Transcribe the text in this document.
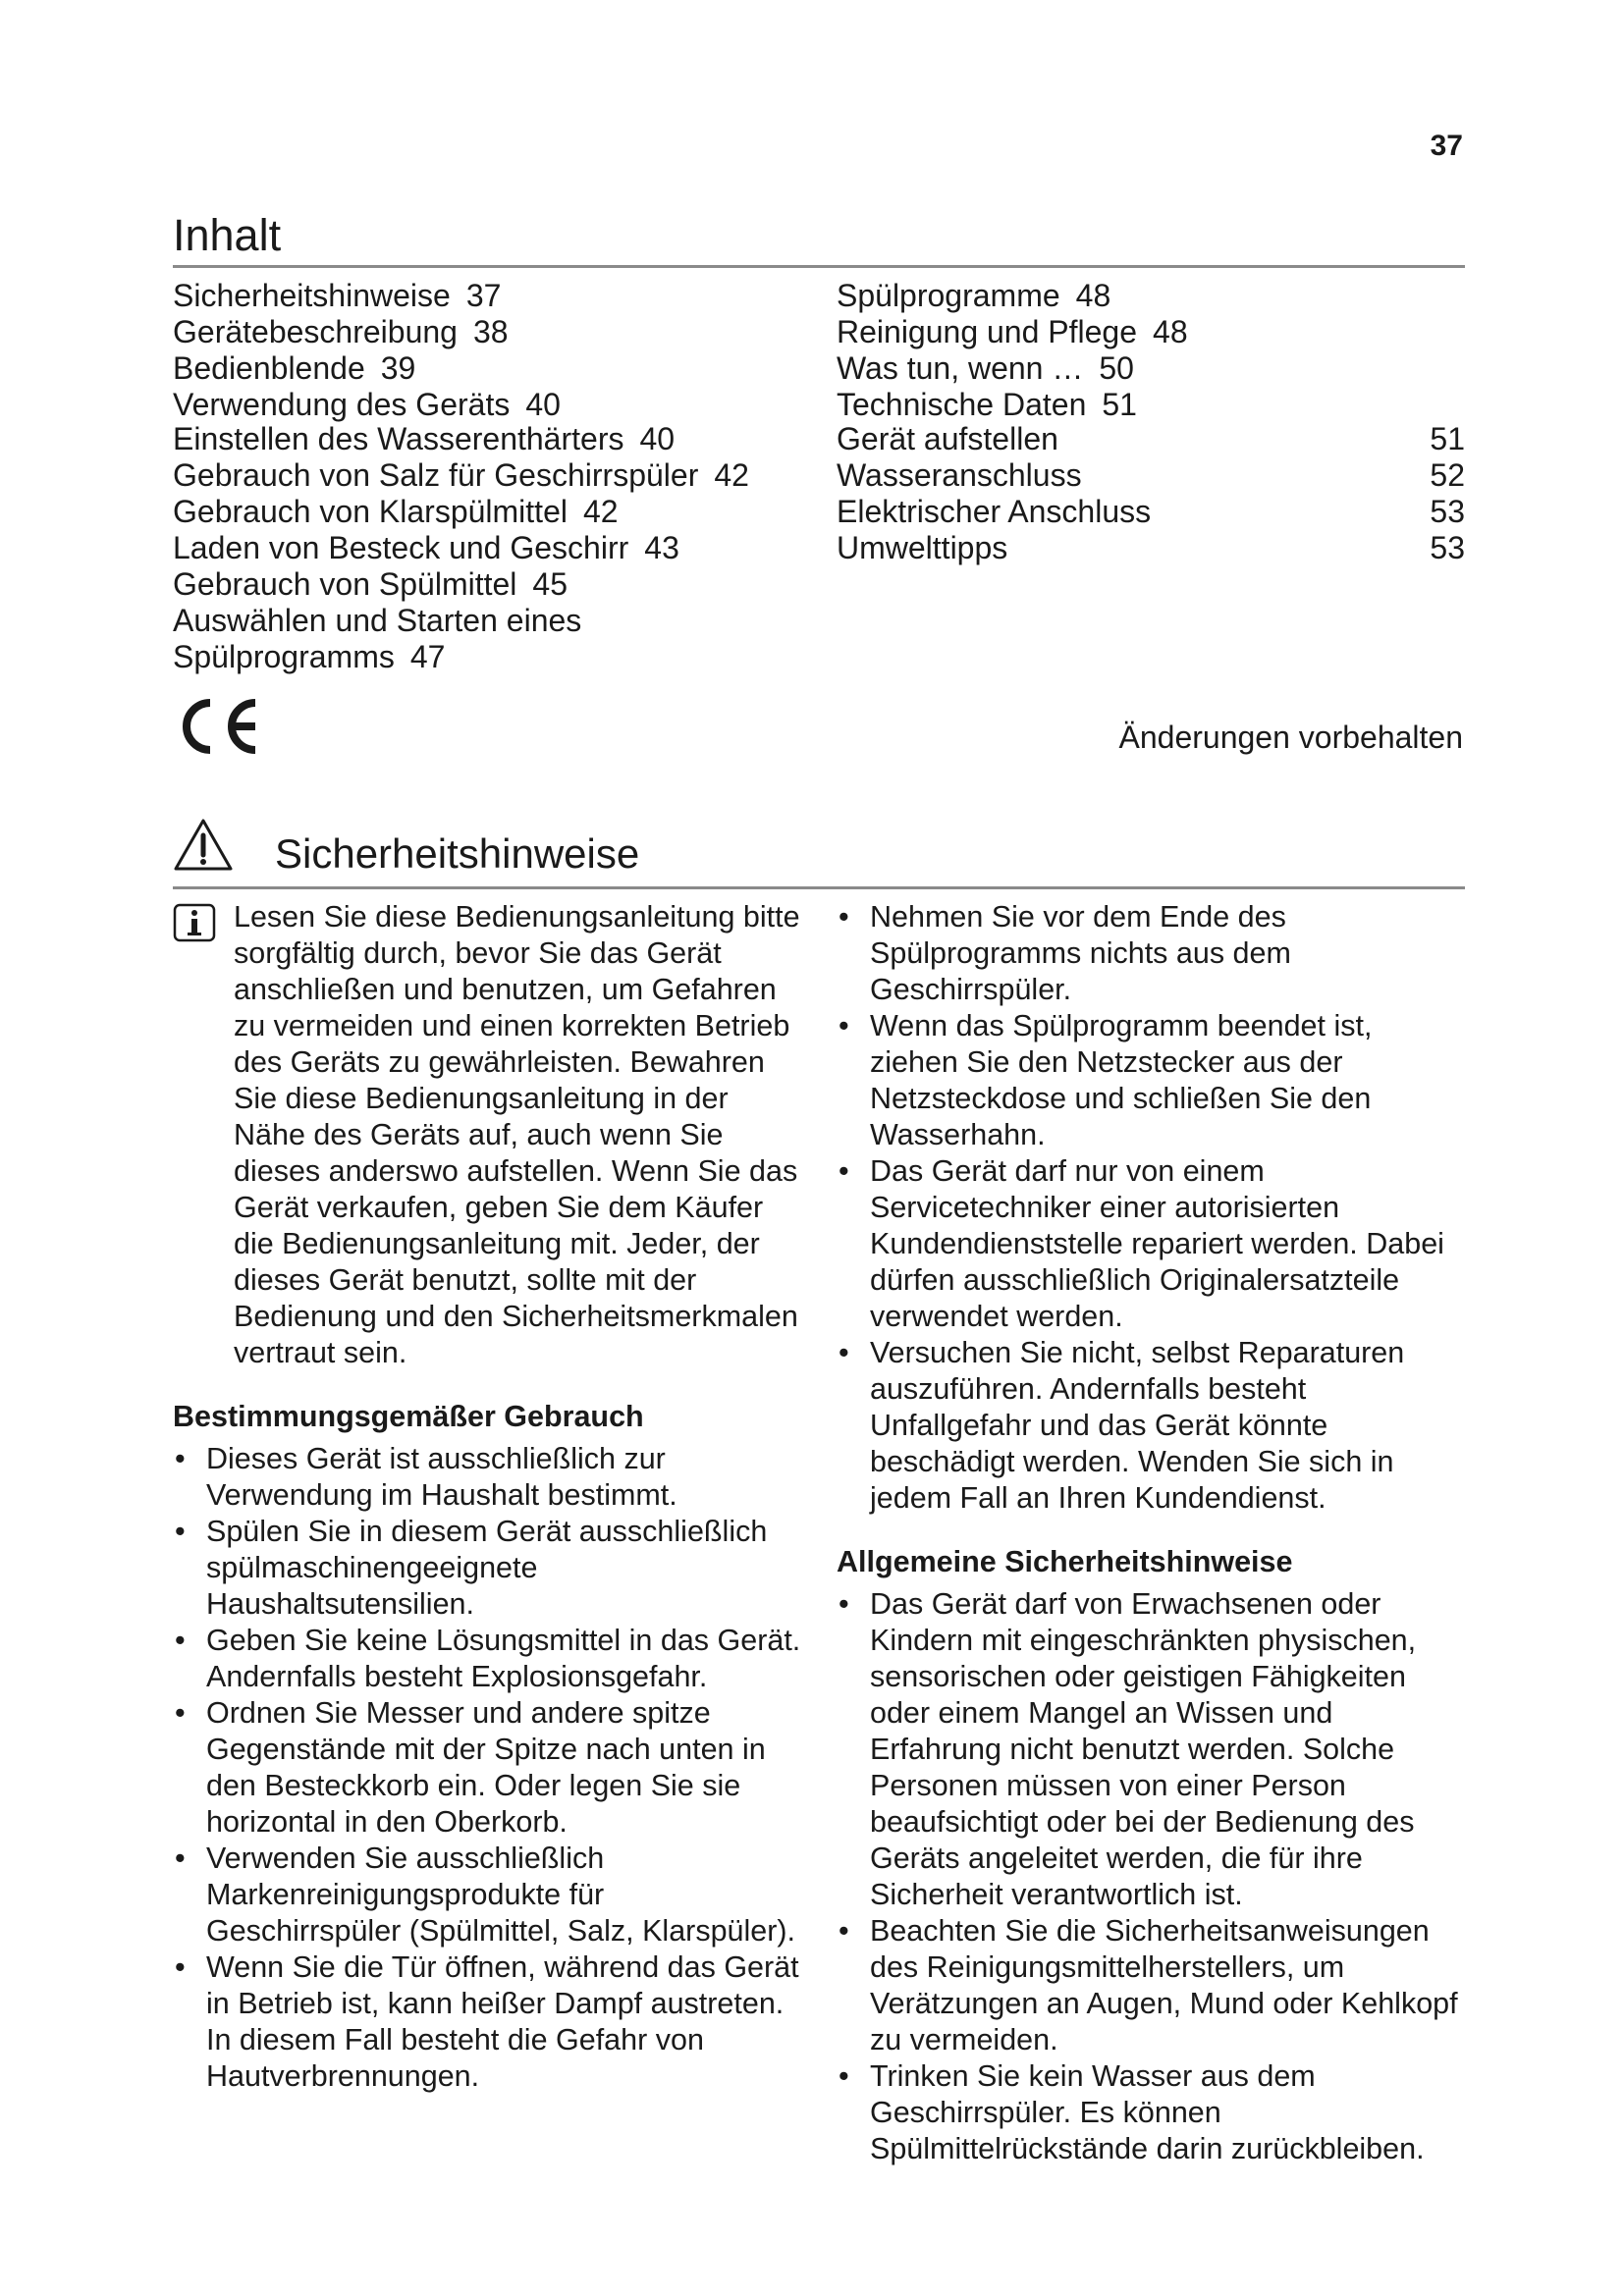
37
Inhalt
Sicherheitshinweise 37
Gerätebeschreibung 38
Bedienblende 39
Verwendung des Geräts 40
Einstellen des Wasserenthärters 40
Gebrauch von Salz für Geschirrspüler 42
Gebrauch von Klarspülmittel 42
Laden von Besteck und Geschirr 43
Gebrauch von Spülmittel 45
Auswählen und Starten eines
Spülprogramms 47
Spülprogramme 48
Reinigung und Pflege 48
Was tun, wenn … 50
Technische Daten 51
Gerät aufstellen	51
Wasseranschluss	52
Elektrischer Anschluss	53
Umwelttipps	53
Änderungen vorbehalten
Sicherheitshinweise

Lesen Sie diese Bedienungsanleitung bitte sorgfältig durch, bevor Sie das Gerät anschließen und benutzen, um Gefahren zu vermeiden und einen korrekten Betrieb des Geräts zu gewährleisten. Bewahren Sie diese Bedienungsanleitung in der Nähe des Geräts auf, auch wenn Sie dieses anderswo aufstellen. Wenn Sie das Gerät verkaufen, geben Sie dem Käufer die Bedienungsanleitung mit. Jeder, der dieses Gerät benutzt, sollte mit der Bedienung und den Sicherheitsmerkmalen vertraut sein.

Bestimmungsgemäßer Gebrauch
• Dieses Gerät ist ausschließlich zur Verwendung im Haushalt bestimmt.
• Spülen Sie in diesem Gerät ausschließlich spülmaschinengeeignete Haushaltsutensilien.
• Geben Sie keine Lösungsmittel in das Gerät. Andernfalls besteht Explosionsgefahr.
• Ordnen Sie Messer und andere spitze Gegenstände mit der Spitze nach unten in den Besteckkorb ein. Oder legen Sie sie horizontal in den Oberkorb.
• Verwenden Sie ausschließlich Markenreinigungsprodukte für Geschirrspüler (Spülmittel, Salz, Klarspüler).
• Wenn Sie die Tür öffnen, während das Gerät in Betrieb ist, kann heißer Dampf austreten. In diesem Fall besteht die Gefahr von Hautverbrennungen.
• Nehmen Sie vor dem Ende des Spülprogramms nichts aus dem Geschirrspüler.
• Wenn das Spülprogramm beendet ist, ziehen Sie den Netzstecker aus der Netzsteckdose und schließen Sie den Wasserhahn.
• Das Gerät darf nur von einem Servicetechniker einer autorisierten Kundendienststelle repariert werden. Dabei dürfen ausschließlich Originalersatzteile verwendet werden.
• Versuchen Sie nicht, selbst Reparaturen auszuführen. Andernfalls besteht Unfallgefahr und das Gerät könnte beschädigt werden. Wenden Sie sich in jedem Fall an Ihren Kundendienst.
Allgemeine Sicherheitshinweise
• Das Gerät darf von Erwachsenen oder Kindern mit eingeschränkten physischen, sensorischen oder geistigen Fähigkeiten oder einem Mangel an Wissen und Erfahrung nicht benutzt werden. Solche Personen müssen von einer Person beaufsichtigt oder bei der Bedienung des Geräts angeleitet werden, die für ihre Sicherheit verantwortlich ist.
• Beachten Sie die Sicherheitsanweisungen des Reinigungsmittelherstellers, um Verätzungen an Augen, Mund oder Kehlkopf zu vermeiden.
• Trinken Sie kein Wasser aus dem Geschirrspüler. Es können Spülmittelrückstände darin zurückbleiben.
